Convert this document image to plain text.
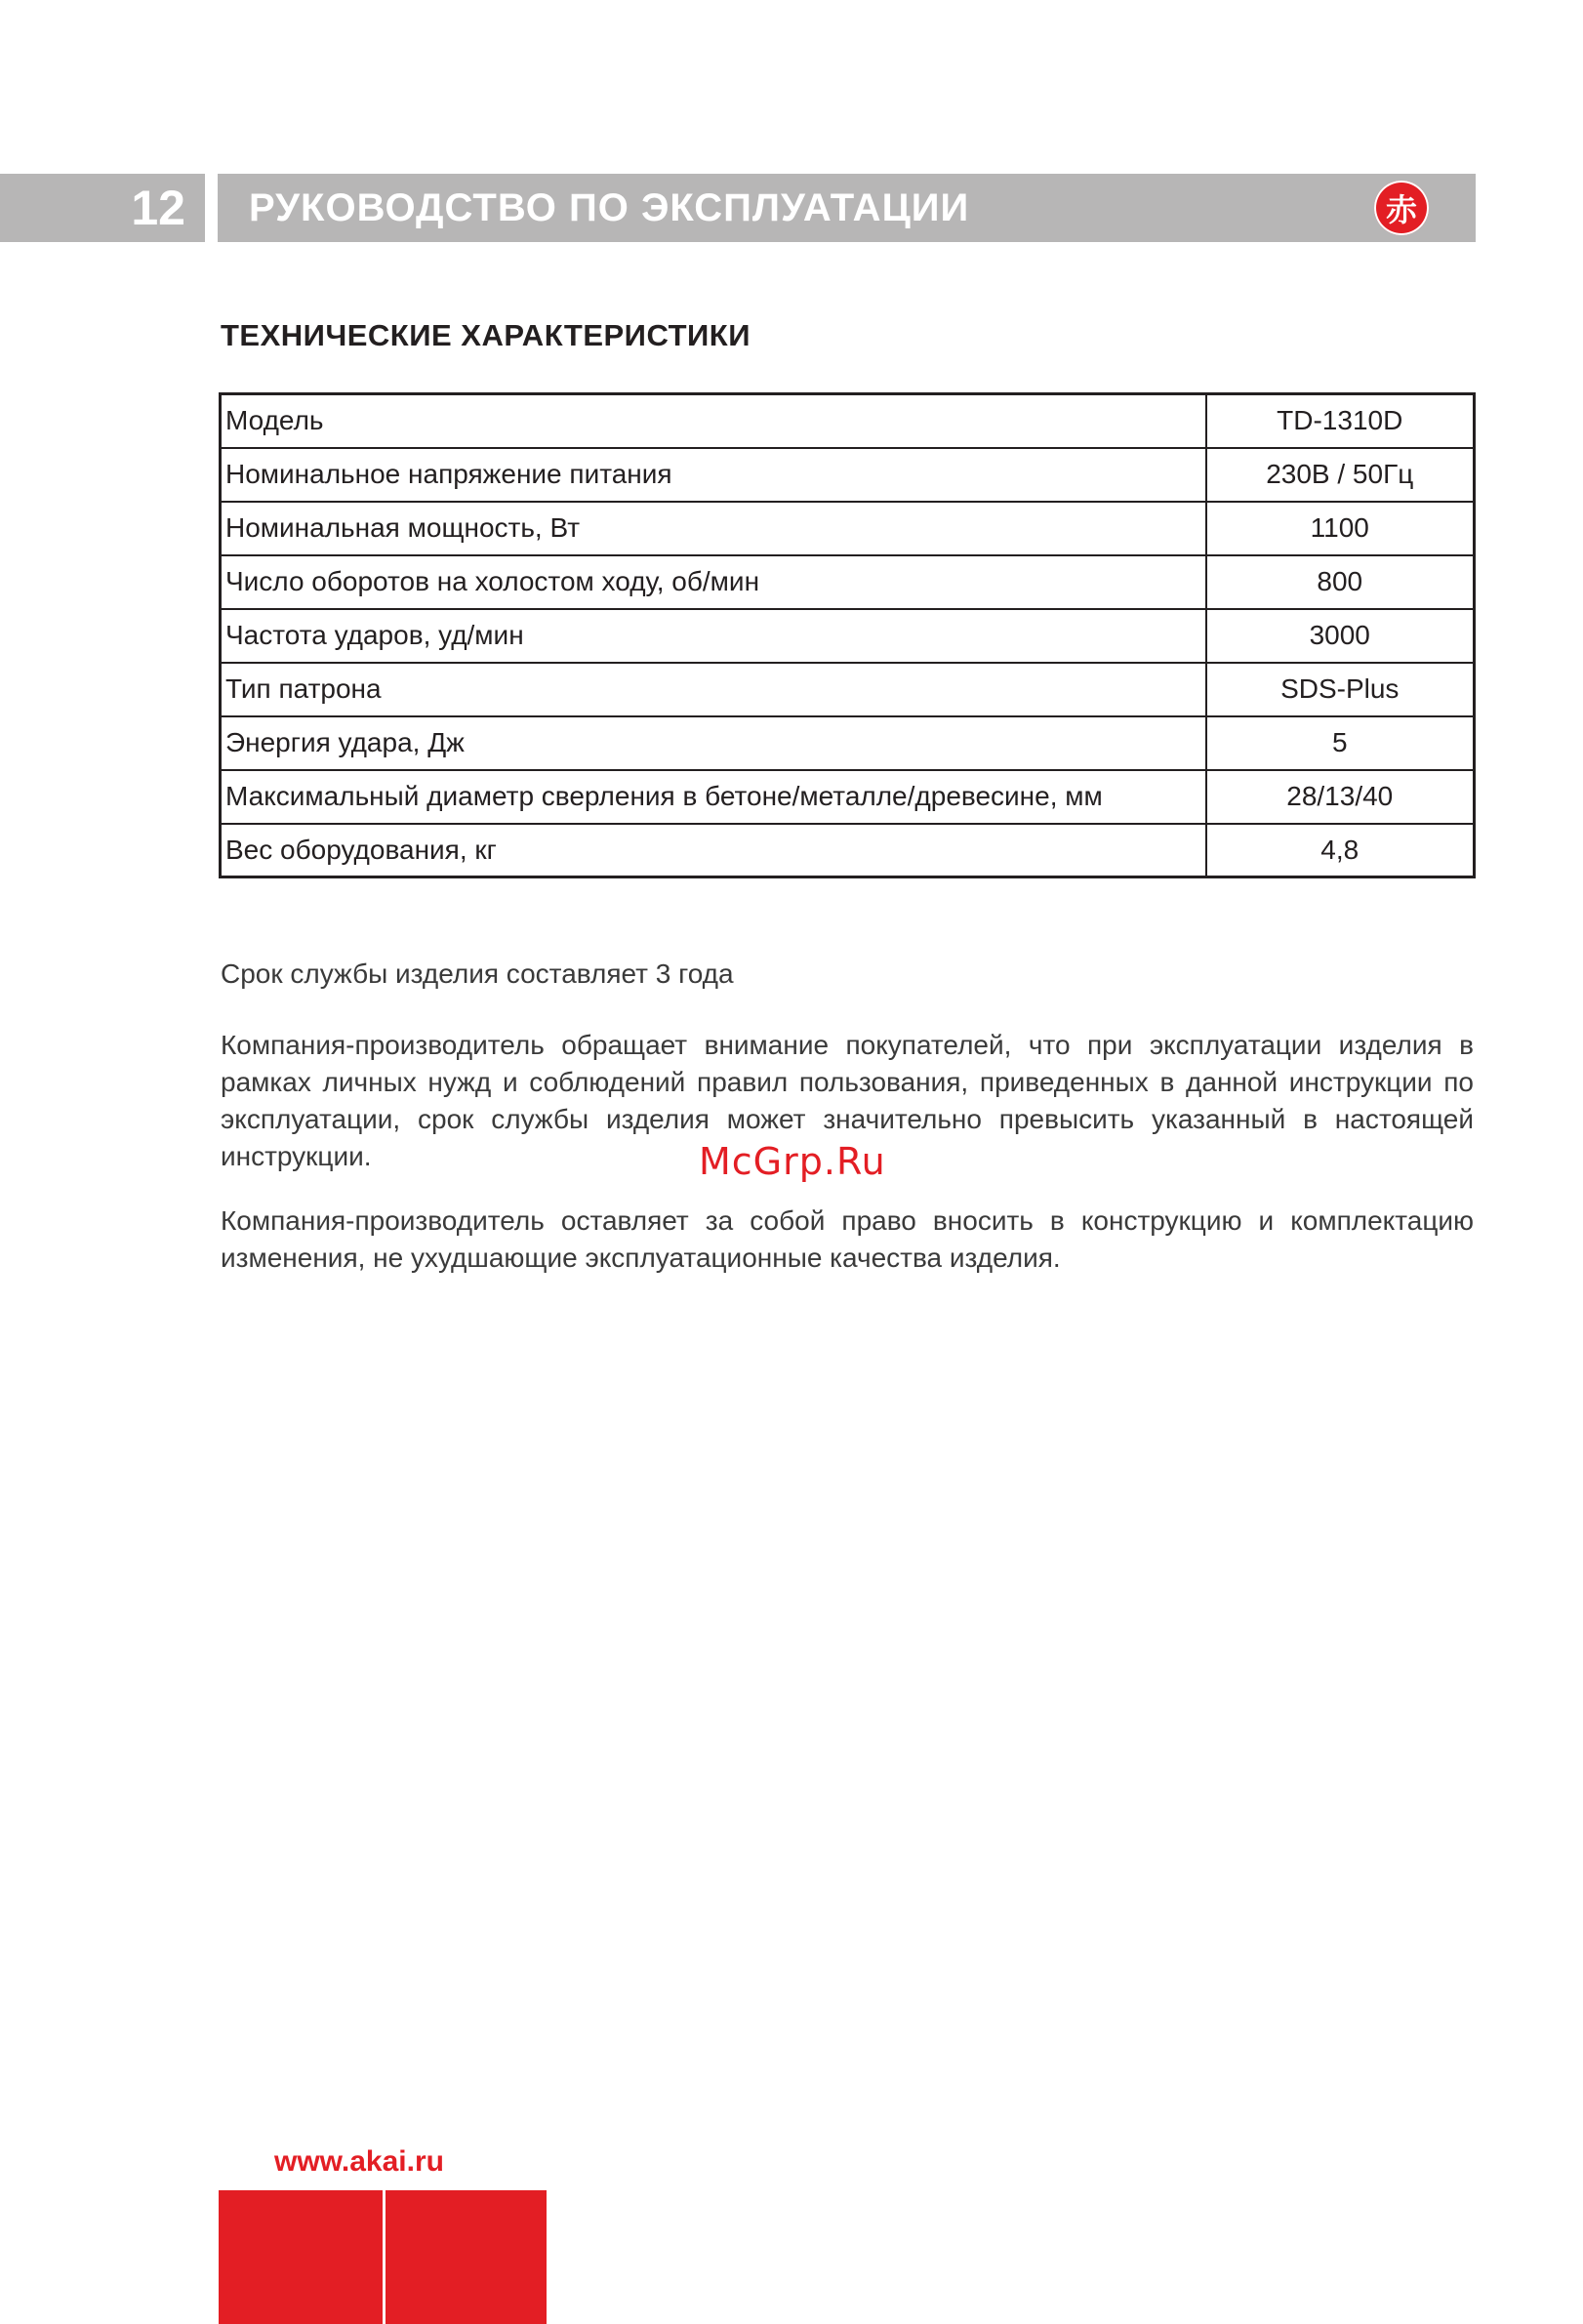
12	РУКОВОДСТВО ПО ЭКСПЛУАТАЦИИ	赤
ТЕХНИЧЕСКИЕ ХАРАКТЕРИСТИКИ
Модель	TD-1310D
Номинальное напряжение питания	230В / 50Гц
Номинальная мощность, Вт	1100
Число оборотов на холостом ходу, об/мин	800
Частота ударов, уд/мин	3000
Тип патрона	SDS-Plus
Энергия удара, Дж	5
Максимальный диаметр сверления в бетоне/металле/древесине, мм	28/13/40
Вес оборудования, кг	4,8
Срок службы изделия составляет 3 года
Компания-производитель обращает внимание покупателей, что при эксплуатации изделия в рамках личных нужд и соблюдений правил пользования, приведенных в данной инструкции по эксплуатации, срок службы изделия может значительно превысить указанный в настоящей инструкции.
Компания-производитель оставляет за собой право вносить в конструкцию и комплектацию изменения, не ухудшающие эксплуатационные качества изделия.
McGrp.Ru
www.akai.ru
